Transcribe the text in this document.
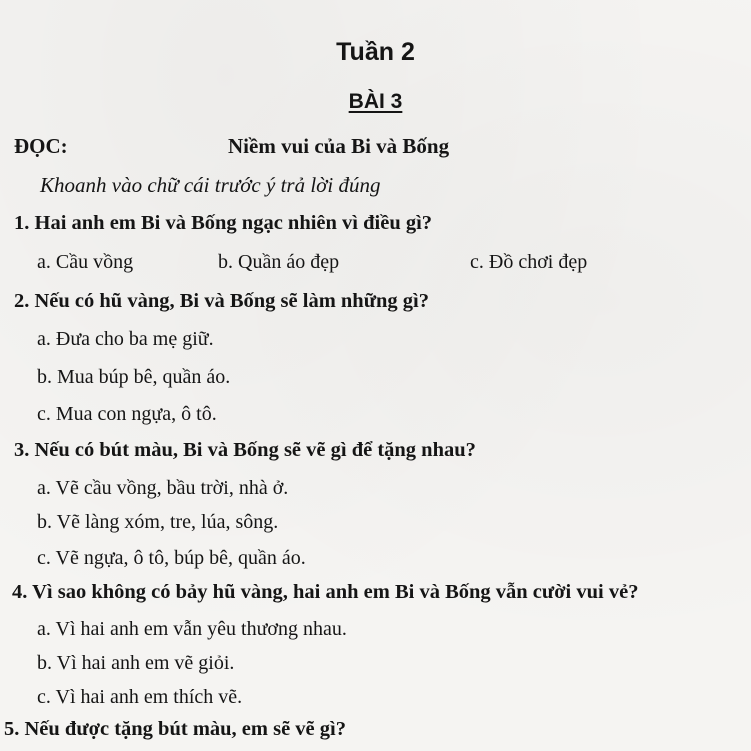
Tuần 2
BÀI 3
ĐỌC:	Niềm vui của Bi và Bống
Khoanh vào chữ cái trước ý trả lời đúng
1. Hai anh em Bi và Bống ngạc nhiên vì điều gì?
a. Cầu vồng	b. Quần áo đẹp	c. Đồ chơi đẹp
2. Nếu có hũ vàng, Bi và Bống sẽ làm những gì?
a. Đưa cho ba mẹ giữ.
b. Mua búp bê, quần áo.
c. Mua con ngựa, ô tô.
3. Nếu có bút màu, Bi và Bống sẽ vẽ gì để tặng nhau?
a. Vẽ cầu vồng, bầu trời, nhà ở.
b. Vẽ làng xóm, tre, lúa, sông.
c. Vẽ ngựa, ô tô, búp bê, quần áo.
4. Vì sao không có bảy hũ vàng, hai anh em Bi và Bống vẫn cười vui vẻ?
a. Vì hai anh em vẫn yêu thương nhau.
b. Vì hai anh em vẽ giỏi.
c. Vì hai anh em thích vẽ.
5. Nếu được tặng bút màu, em sẽ vẽ gì?
